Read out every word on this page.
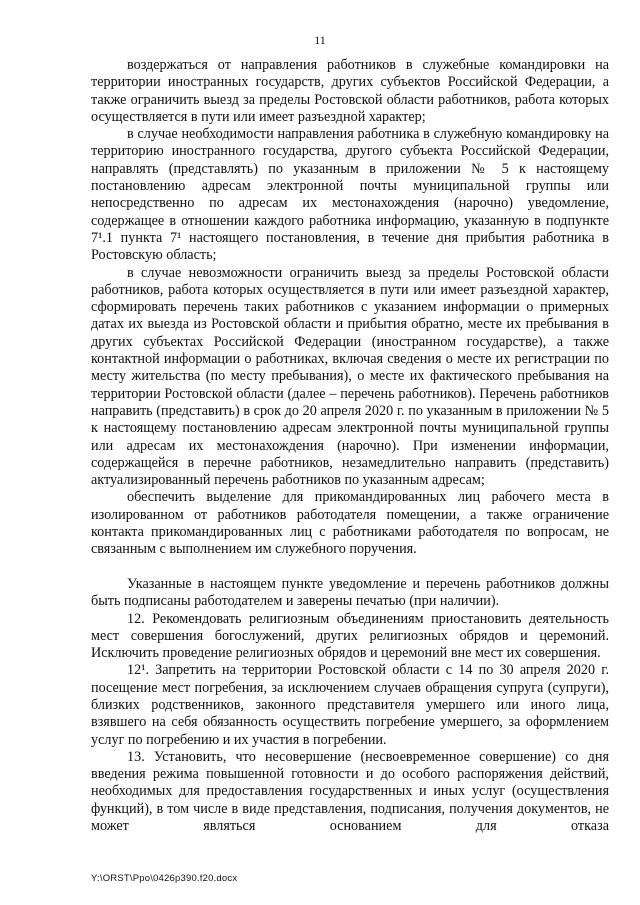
11

воздержаться от направления работников в служебные командировки на территории иностранных государств, других субъектов Российской Федерации, а также ограничить выезд за пределы Ростовской области работников, работа которых осуществляется в пути или имеет разъездной характер;

в случае необходимости направления работника в служебную командировку на территорию иностранного государства, другого субъекта Российской Федерации, направлять (представлять) по указанным в приложении № 5 к настоящему постановлению адресам электронной почты муниципальной группы или непосредственно по адресам их местонахождения (нарочно) уведомление, содержащее в отношении каждого работника информацию, указанную в подпункте 7¹.1 пункта 7¹ настоящего постановления, в течение дня прибытия работника в Ростовскую область;

в случае невозможности ограничить выезд за пределы Ростовской области работников, работа которых осуществляется в пути или имеет разъездной характер, сформировать перечень таких работников с указанием информации о примерных датах их выезда из Ростовской области и прибытия обратно, месте их пребывания в других субъектах Российской Федерации (иностранном государстве), а также контактной информации о работниках, включая сведения о месте их регистрации по месту жительства (по месту пребывания), о месте их фактического пребывания на территории Ростовской области (далее – перечень работников). Перечень работников направить (представить) в срок до 20 апреля 2020 г. по указанным в приложении № 5 к настоящему постановлению адресам электронной почты муниципальной группы или адресам их местонахождения (нарочно). При изменении информации, содержащейся в перечне работников, незамедлительно направить (представить) актуализированный перечень работников по указанным адресам;

обеспечить выделение для прикомандированных лиц рабочего места в изолированном от работников работодателя помещении, а также ограничение контакта прикомандированных лиц с работниками работодателя по вопросам, не связанным с выполнением им служебного поручения.

Указанные в настоящем пункте уведомление и перечень работников должны быть подписаны работодателем и заверены печатью (при наличии).

12. Рекомендовать религиозным объединениям приостановить деятельность мест совершения богослужений, других религиозных обрядов и церемоний. Исключить проведение религиозных обрядов и церемоний вне мест их совершения.

12¹. Запретить на территории Ростовской области с 14 по 30 апреля 2020 г. посещение мест погребения, за исключением случаев обращения супруга (супруги), близких родственников, законного представителя умершего или иного лица, взявшего на себя обязанность осуществить погребение умершего, за оформлением услуг по погребению и их участия в погребении.

13. Установить, что несовершение (несвоевременное совершение) со дня введения режима повышенной готовности и до особого распоряжения действий, необходимых для предоставления государственных и иных услуг (осуществления функций), в том числе в виде представления, подписания, получения документов, не может являться основанием для отказа

Y:\ORST\Ppo\0426p390.f20.docx
